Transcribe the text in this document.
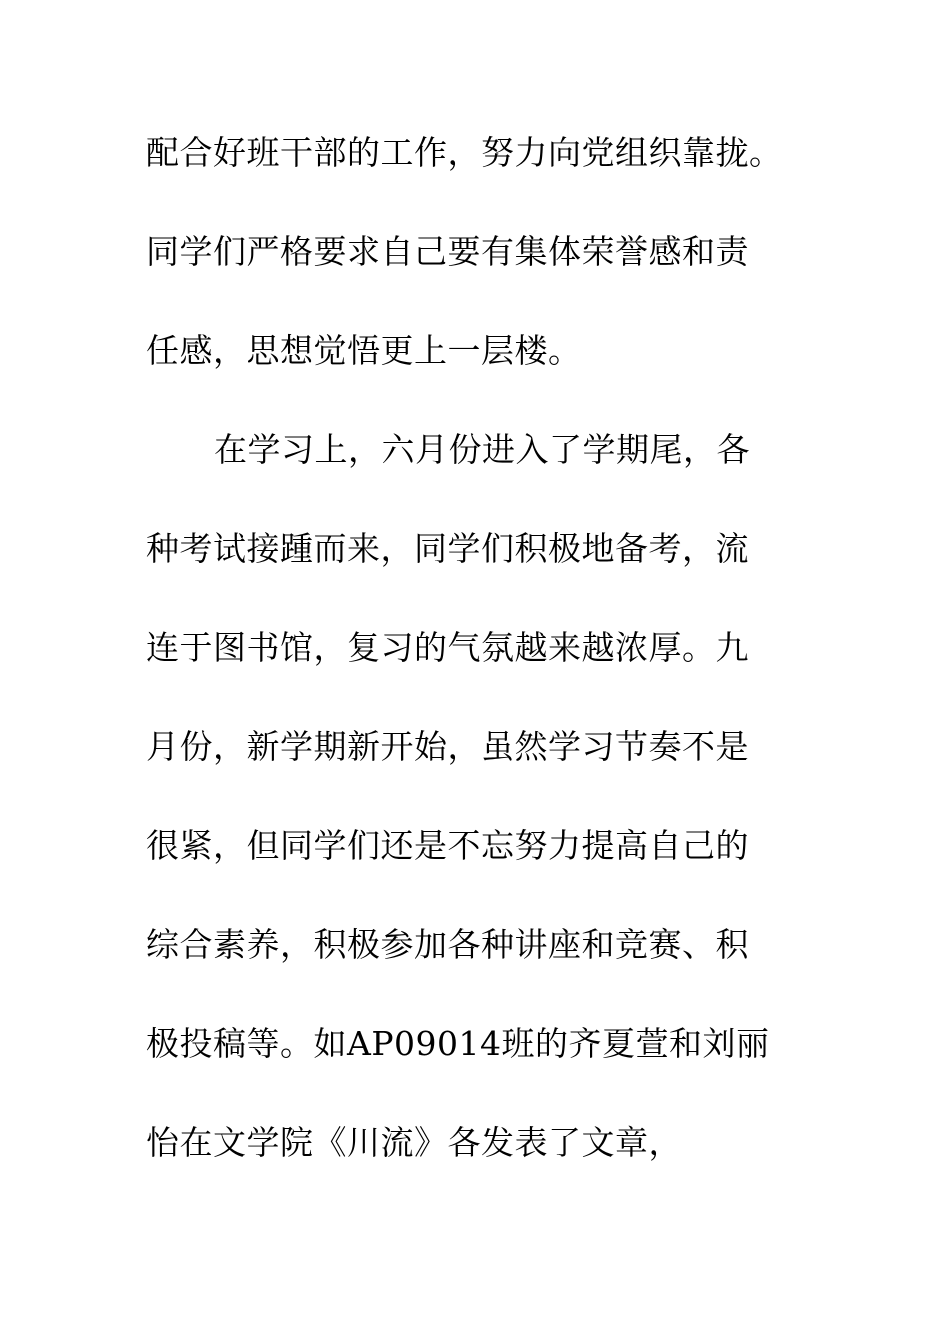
配合好班干部的工作，努力向党组织靠拢。
同学们严格要求自己要有集体荣誉感和责
任感，思想觉悟更上一层楼。
在学习上，六月份进入了学期尾，各
种考试接踵而来，同学们积极地备考，流
连于图书馆，复习的气氛越来越浓厚。九
月份，新学期新开始，虽然学习节奏不是
很紧，但同学们还是不忘努力提高自己的
综合素养，积极参加各种讲座和竞赛、积
极投稿等。如AP09014班的齐夏萱和刘丽
怡在文学院《川流》各发表了文章，
